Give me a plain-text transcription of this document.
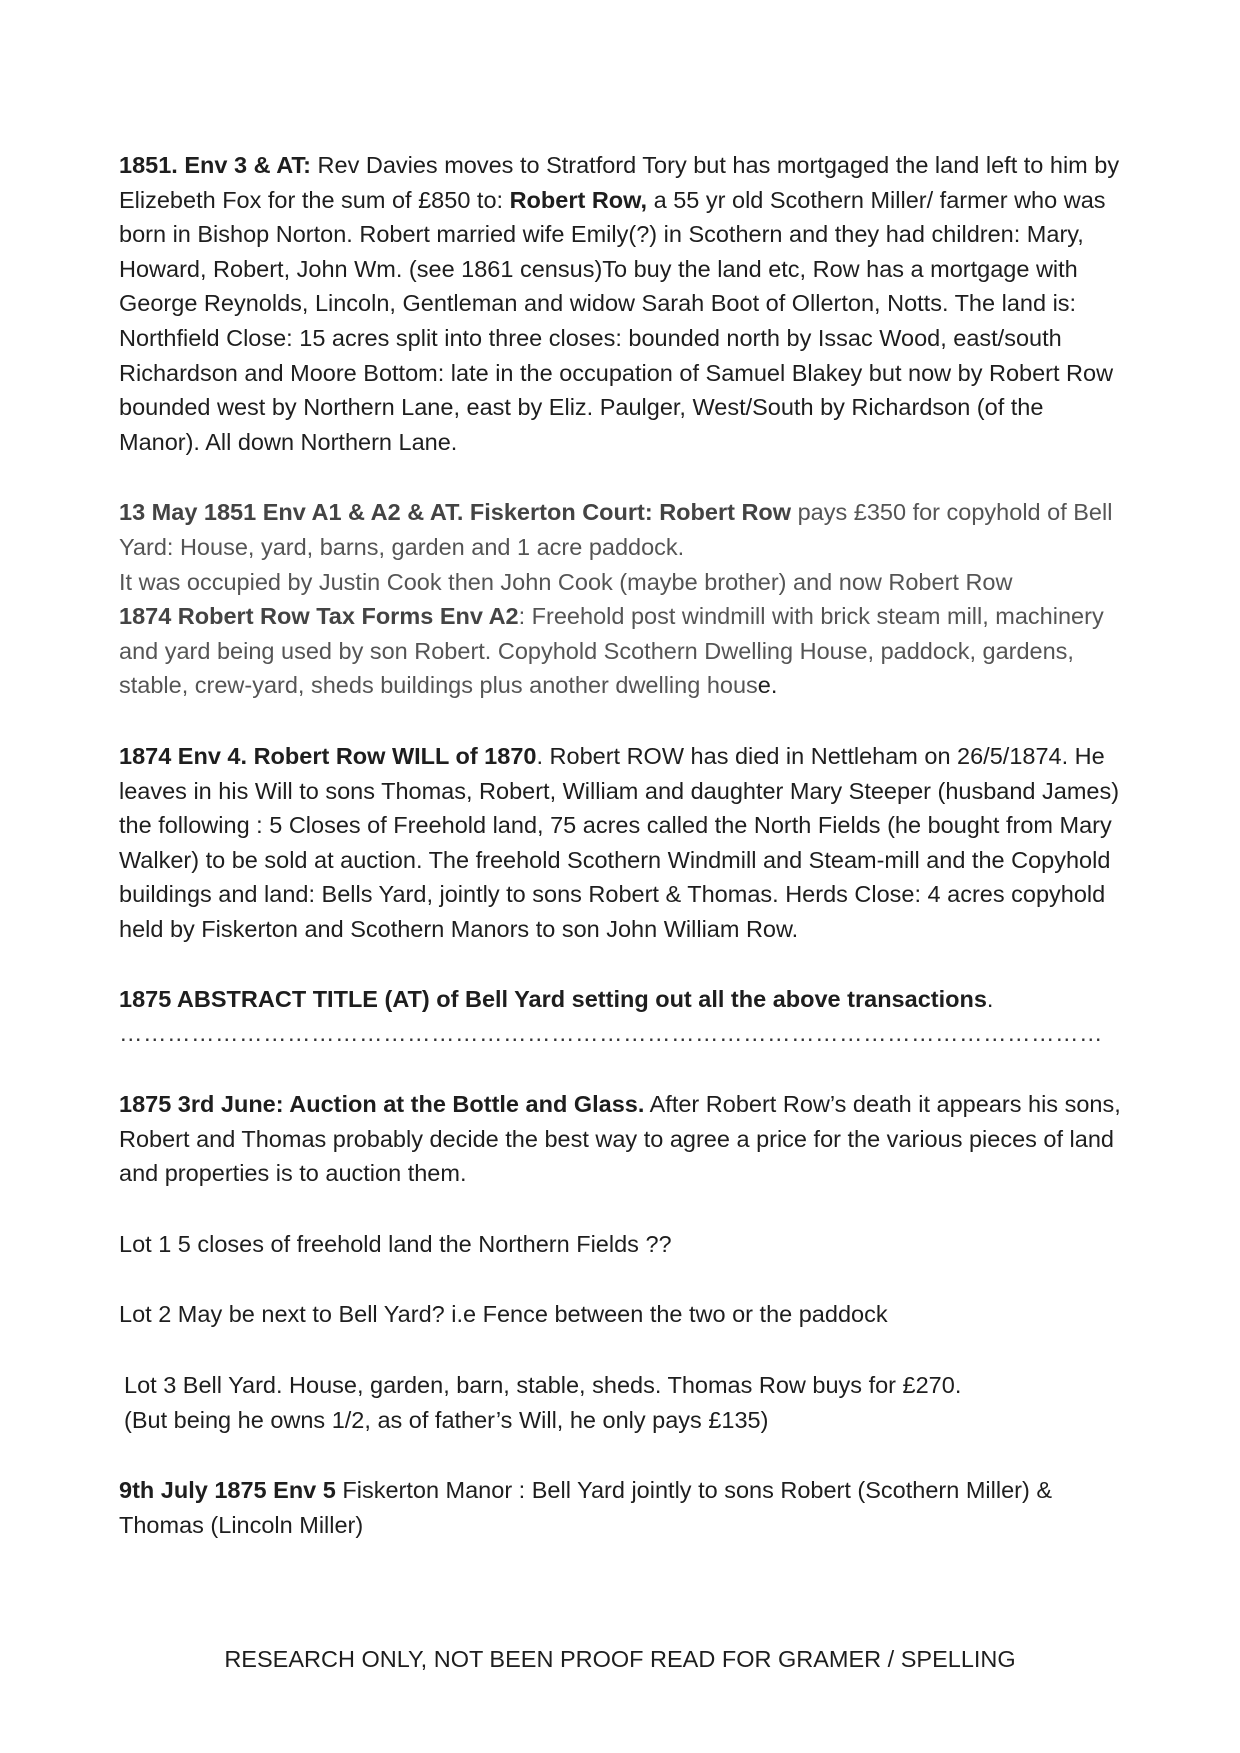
1851. Env 3 & AT: Rev Davies moves to Stratford Tory but has mortgaged the land left to him by Elizebeth Fox for the sum of £850 to: Robert Row, a 55 yr old Scothern Miller/ farmer who was born in Bishop Norton. Robert married wife Emily(?) in Scothern and they had children: Mary, Howard, Robert, John Wm. (see 1861 census)To buy the land etc, Row has a mortgage with George Reynolds, Lincoln, Gentleman and widow Sarah Boot of Ollerton, Notts. The land is: Northfield Close: 15 acres split into three closes: bounded north by Issac Wood, east/south Richardson and Moore Bottom: late in the occupation of Samuel Blakey but now by Robert Row bounded west by Northern Lane, east by Eliz. Paulger, West/South by Richardson (of the Manor). All down Northern Lane.

13 May 1851 Env A1 & A2 & AT. Fiskerton Court: Robert Row pays £350 for copyhold of Bell Yard: House, yard, barns, garden and 1 acre paddock.
It was occupied by Justin Cook then John Cook (maybe brother) and now Robert Row
1874 Robert Row Tax Forms Env A2: Freehold post windmill with brick steam mill, machinery and yard being used by son Robert. Copyhold Scothern Dwelling House, paddock, gardens, stable, crew-yard, sheds buildings plus another dwelling house.

1874 Env 4. Robert Row WILL of 1870. Robert ROW has died in Nettleham on 26/5/1874. He leaves in his Will to sons Thomas, Robert, William and daughter Mary Steeper (husband James) the following : 5 Closes of Freehold land, 75 acres called the North Fields (he bought from Mary Walker) to be sold at auction. The freehold Scothern Windmill and Steam-mill and the Copyhold buildings and land: Bells Yard, jointly to sons Robert & Thomas. Herds Close: 4 acres copyhold held by Fiskerton and Scothern Manors to son John William Row.

1875 ABSTRACT TITLE (AT) of Bell Yard setting out all the above transactions.

……………………………………………………………………………………………………………

1875 3rd June: Auction at the Bottle and Glass. After Robert Row’s death it appears his sons, Robert and Thomas probably decide the best way to agree a price for the various pieces of land and properties is to auction them.

Lot 1 5 closes of freehold land the Northern Fields ??

Lot 2 May be next to Bell Yard? i.e Fence between the two or the paddock

Lot 3 Bell Yard. House, garden, barn, stable, sheds. Thomas Row buys for £270.
(But being he owns 1/2, as of father’s Will, he only pays £135)

9th July 1875 Env 5 Fiskerton Manor : Bell Yard jointly to sons Robert (Scothern Miller) & Thomas (Lincoln Miller)

RESEARCH ONLY, NOT BEEN PROOF READ FOR GRAMER / SPELLING
